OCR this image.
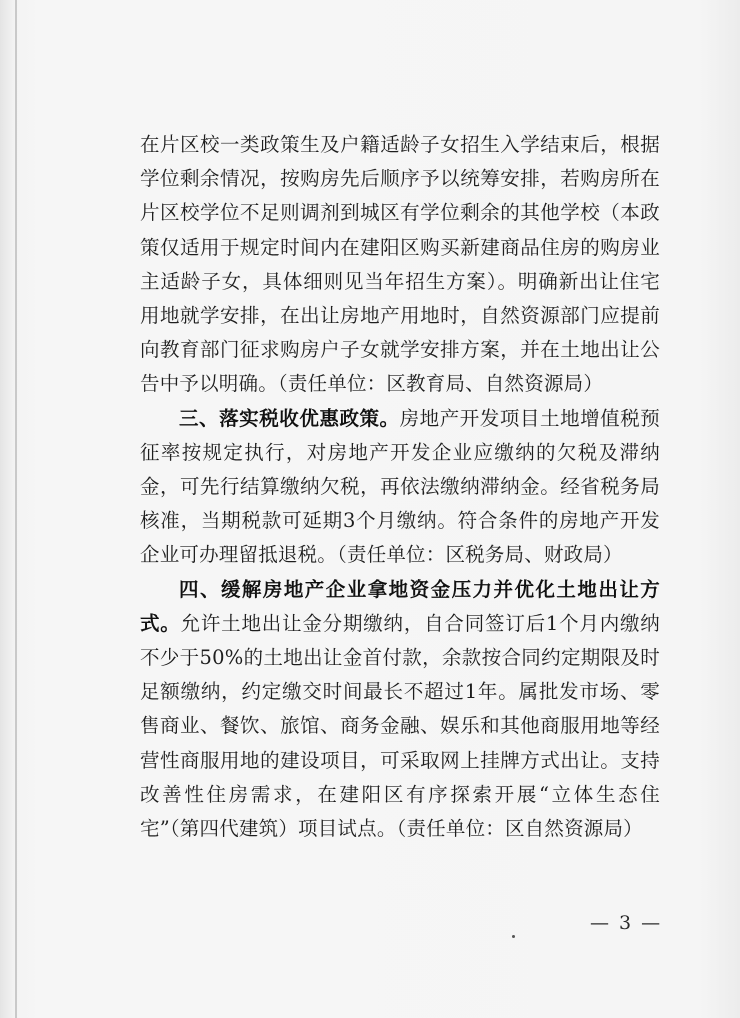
在片区校一类政策生及户籍适龄子女招生入学结束后，根据学位剩余情况，按购房先后顺序予以统筹安排，若购房所在片区校学位不足则调剂到城区有学位剩余的其他学校（本政策仅适用于规定时间内在建阳区购买新建商品住房的购房业主适龄子女，具体细则见当年招生方案）。明确新出让住宅用地就学安排，在出让房地产用地时，自然资源部门应提前向教育部门征求购房户子女就学安排方案，并在土地出让公告中予以明确。（责任单位：区教育局、自然资源局）

三、落实税收优惠政策。房地产开发项目土地增值税预征率按规定执行，对房地产开发企业应缴纳的欠税及滞纳金，可先行结算缴纳欠税，再依法缴纳滞纳金。经省税务局核准，当期税款可延期3个月缴纳。符合条件的房地产开发企业可办理留抵退税。（责任单位：区税务局、财政局）

四、缓解房地产企业拿地资金压力并优化土地出让方式。允许土地出让金分期缴纳，自合同签订后1个月内缴纳不少于50%的土地出让金首付款，余款按合同约定期限及时足额缴纳，约定缴交时间最长不超过1年。属批发市场、零售商业、餐饮、旅馆、商务金融、娱乐和其他商服用地等经营性商服用地的建设项目，可采取网上挂牌方式出让。支持改善性住房需求，在建阳区有序探索开展“立体生态住宅”（第四代建筑）项目试点。（责任单位：区自然资源局）

— 3 —
